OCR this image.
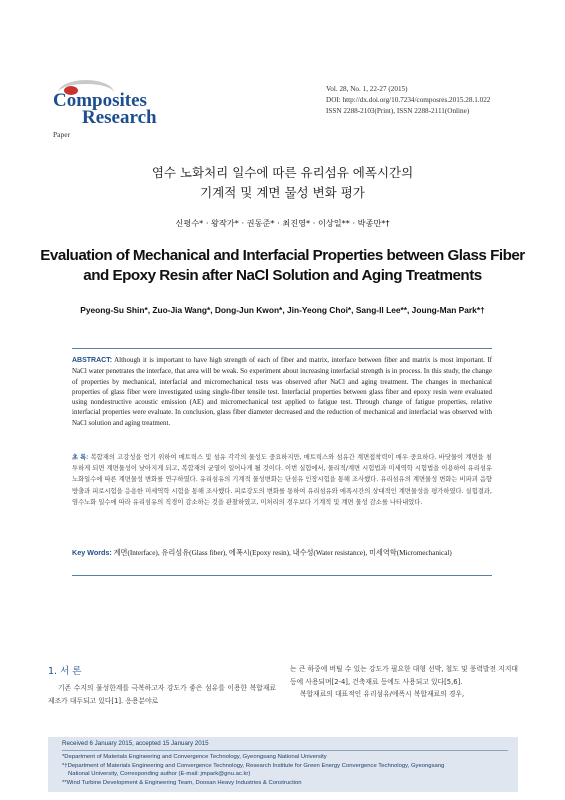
Composites
Research
Vol. 28, No. 1, 22-27 (2015)
DOI: http://dx.doi.org/10.7234/composres.2015.28.1.022
ISSN 2288-2103(Print), ISSN 2288-2111(Online)
Paper
염수 노화처리 일수에 따른 유리섬유 에폭시간의
기계적 및 계면 물성 변화 평가
신평수* · 왕작가* · 권동준* · 최진영* · 이상일** · 박종만*†
Evaluation of Mechanical and Interfacial Properties between Glass Fiber
and Epoxy Resin after NaCl Solution and Aging Treatments
Pyeong-Su Shin*, Zuo-Jia Wang*, Dong-Jun Kwon*, Jin-Yeong Choi*, Sang-Il Lee**, Joung-Man Park*†
ABSTRACT: Although it is important to have high strength of each of fiber and matrix, interface between fiber and matrix is most important. If NaCl water penetrates the interface, that area will be weak. So experiment about increasing interfacial strength is in process. In this study, the change of properties by mechanical, interfacial and micromechanical tests was observed after NaCl and aging treatment. The changes in mechanical properties of glass fiber were investigated using single-fiber tensile test. Interfacial properties between glass fiber and epoxy resin were evaluated using nondestructive acoustic emission (AE) and micromechanical test applied to fatigue test. Through change of fatigue properties, relative interfacial properties were evaluate. In conclusion, glass fiber diameter decreased and the reduction of mechanical and interfacial was observed with NaCl solution and aging treatment.
초 록: 복합재의 고강성을 얻기 위하여 매트릭스 및 섬유 각각의 물성도 중요하지만, 매트릭스와 섬유간 계면접착력이 매우 중요하다. 바닷물이 계면을 침투하게 되면 계면물성이 낮아지게 되고, 복합재의 균열이 일어나게 될 것이다. 이번 실험에서, 물리적/계면 시험법과 미세역학 시험법을 이용하여 유리섬유 노화일수에 따른 계면물성 변화를 연구하였다. 유리섬유의 기계적 물성변화는 단섬유 인장시험을 통해 조사했다. 유리섬유의 계면물성 변화는 비파괴 음향방출과 피로시험을 응용한 미세역학 시험을 통해 조사했다. 피로강도의 변화를 통하여 유리섬유와 에폭시간의 상대적인 계면물성을 평가하였다. 실험결과, 염수노화 일수에 따라 유리섬유의 직경이 감소하는 것을 관찰하였고, 미처리의 경우보다 기계적 및 계면 물성 감소를 나타내었다.
Key Words: 계면(Interface), 유리섬유(Glass fiber), 에폭시(Epoxy resin), 내수성(Water resistance), 미세역학(Micromechanical)
1. 서 론
기존 수지의 물성한계를 극복하고자 강도가 좋은 섬유를 이용한 복합재료 제조가 대두되고 있다[1]. 응용분야로

는 큰 하중에 버틸 수 있는 강도가 필요한 대형 선박, 철도 및 풍력발전 지지대등에 사용되며[2-4], 건축재료 등에도 사용되고 있다[5,6].

복합재료의 대표적인 유리섬유/에폭시 복합재료의 경우,

Received 6 January 2015, accepted 15 January 2015
*Department of Materials Engineering and Convergence Technology, Gyeongsang National University
*†Department of Materials Engineering and Convergence Technology, Research Institute for Green Energy Convergence Technology, Gyeongsang
National University, Corresponding author (E-mail: jmpark@gnu.ac.kr)
**Wind Turbine Development & Engineering Team, Doosan Heavy Industries & Construction
